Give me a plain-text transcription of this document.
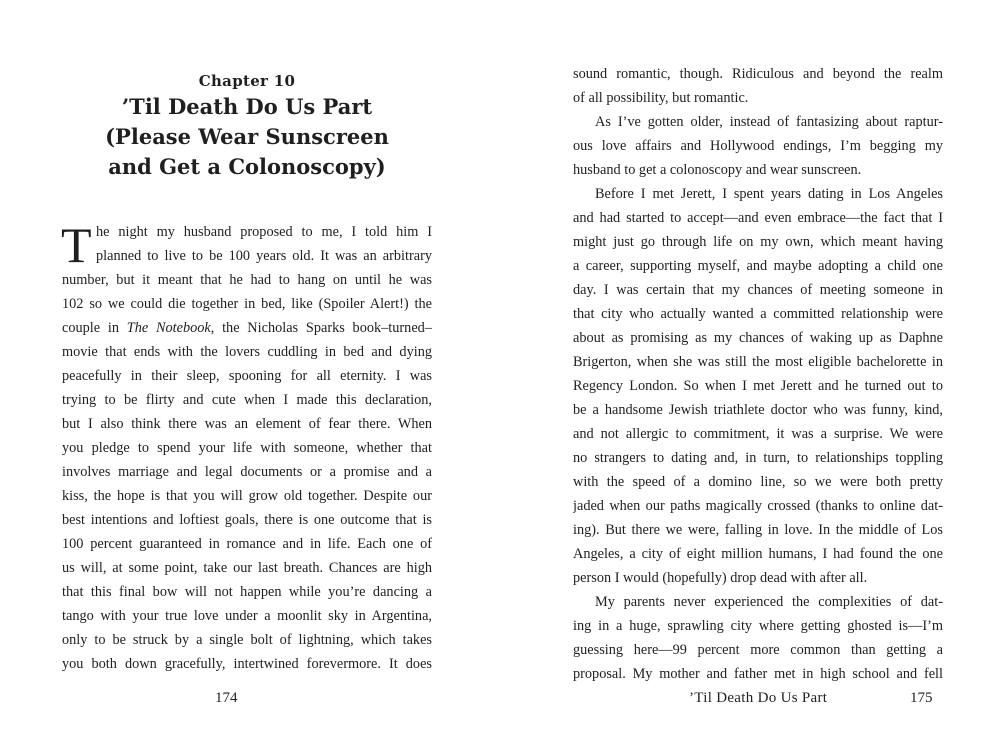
Chapter 10
’Til Death Do Us Part
(Please Wear Sunscreen
and Get a Colonoscopy)
T he night my husband proposed to me, I told him I
planned to live to be 100 years old. It was an arbitrary
number, but it meant that he had to hang on until he was
102 so we could die together in bed, like (Spoiler Alert!) the
couple in The Notebook, the Nicholas Sparks book–turned–
movie that ends with the lovers cuddling in bed and dying
peacefully in their sleep, spooning for all eternity. I was
trying to be flirty and cute when I made this declaration,
but I also think there was an element of fear there. When
you pledge to spend your life with someone, whether that
involves marriage and legal documents or a promise and a
kiss, the hope is that you will grow old together. Despite our
best intentions and loftiest goals, there is one outcome that is
100 percent guaranteed in romance and in life. Each one of
us will, at some point, take our last breath. Chances are high
that this final bow will not happen while you’re dancing a
tango with your true love under a moonlit sky in Argentina,
only to be struck by a single bolt of lightning, which takes
you both down gracefully, intertwined forevermore. It does
174
sound romantic, though. Ridiculous and beyond the realm
of all possibility, but romantic.
As I’ve gotten older, instead of fantasizing about raptur-
ous love affairs and Hollywood endings, I’m begging my
husband to get a colonoscopy and wear sunscreen.
Before I met Jerett, I spent years dating in Los Angeles
and had started to accept—and even embrace—the fact that I
might just go through life on my own, which meant having
a career, supporting myself, and maybe adopting a child one
day. I was certain that my chances of meeting someone in
that city who actually wanted a committed relationship were
about as promising as my chances of waking up as Daphne
Brigerton, when she was still the most eligible bachelorette in
Regency London. So when I met Jerett and he turned out to
be a handsome Jewish triathlete doctor who was funny, kind,
and not allergic to commitment, it was a surprise. We were
no strangers to dating and, in turn, to relationships toppling
with the speed of a domino line, so we were both pretty
jaded when our paths magically crossed (thanks to online dat-
ing). But there we were, falling in love. In the middle of Los
Angeles, a city of eight million humans, I had found the one
person I would (hopefully) drop dead with after all.
My parents never experienced the complexities of dat-
ing in a huge, sprawling city where getting ghosted is—I’m
guessing here—99 percent more common than getting a
proposal. My mother and father met in high school and fell
’Til Death Do Us Part	175
